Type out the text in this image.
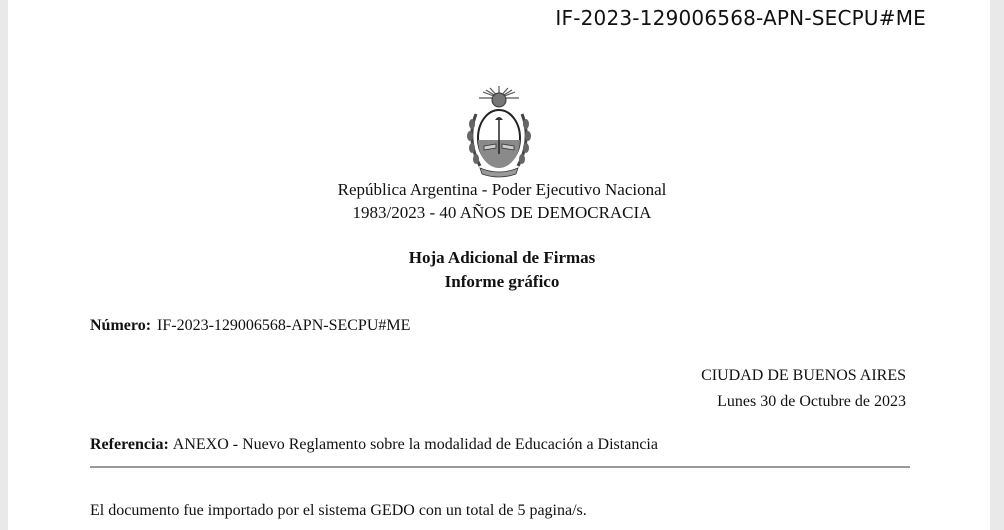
IF-2023-129006568-APN-SECPU#ME
República Argentina - Poder Ejecutivo Nacional
1983/2023 - 40 AÑOS DE DEMOCRACIA
Hoja Adicional de Firmas
Informe gráfico
Número: IF-2023-129006568-APN-SECPU#ME
CIUDAD DE BUENOS AIRES
Lunes 30 de Octubre de 2023
Referencia: ANEXO - Nuevo Reglamento sobre la modalidad de Educación a Distancia
El documento fue importado por el sistema GEDO con un total de 5 pagina/s.
